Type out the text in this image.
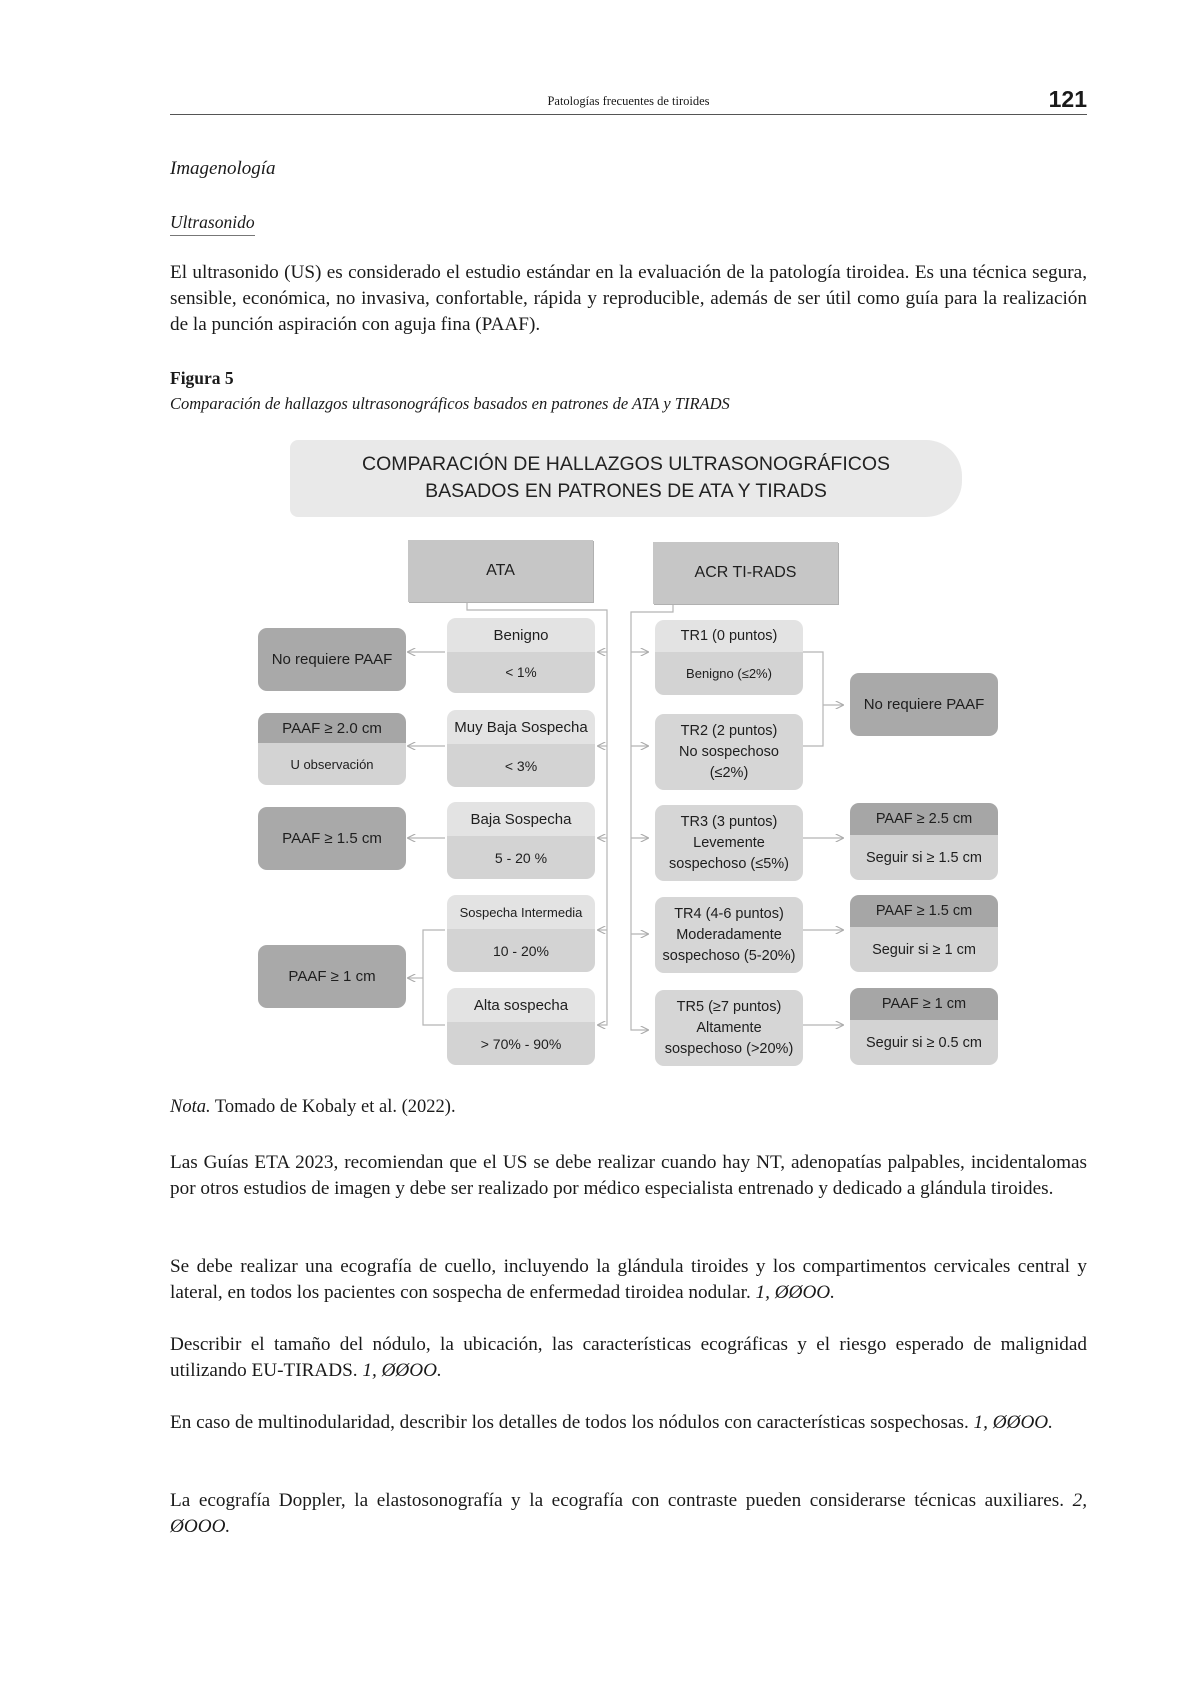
Patologías frecuentes de tiroides	121
Imagenología
Ultrasonido
El ultrasonido (US) es considerado el estudio estándar en la evaluación de la patología tiroidea. Es una técnica segura, sensible, económica, no invasiva, confortable, rápida y reproducible, además de ser útil como guía para la realización de la punción aspiración con aguja fina (PAAF).
Figura 5
Comparación de hallazgos ultrasonográficos basados en patrones de ATA y TIRADS
COMPARACIÓN DE HALLAZGOS ULTRASONOGRÁFICOS
BASADOS EN PATRONES DE ATA Y TIRADS
ATA	ACR TI-RADS
No requiere PAAF
PAAF ≥ 2.0 cm
U observación
PAAF ≥ 1.5 cm
PAAF ≥ 1 cm
Benigno
< 1%
Muy Baja Sospecha
< 3%
Baja Sospecha
5 - 20 %
Sospecha Intermedia
10 - 20%
Alta sospecha
> 70% - 90%
TR1 (0 puntos)
Benigno (≤2%)
TR2 (2 puntos)
No sospechoso
(≤2%)
TR3 (3 puntos)
Levemente
sospechoso (≤5%)
TR4 (4-6 puntos)
Moderadamente
sospechoso (5-20%)
TR5 (≥7 puntos)
Altamente
sospechoso (>20%)
No requiere PAAF
PAAF ≥ 2.5 cm
Seguir si ≥ 1.5 cm
PAAF ≥ 1.5 cm
Seguir si ≥ 1 cm
PAAF ≥ 1 cm
Seguir si ≥ 0.5 cm
Nota. Tomado de Kobaly et al. (2022).
Las Guías ETA 2023, recomiendan que el US se debe realizar cuando hay NT, adenopatías palpables, incidentalomas por otros estudios de imagen y debe ser realizado por médico especialista entrenado y dedicado a glándula tiroides.
Se debe realizar una ecografía de cuello, incluyendo la glándula tiroides y los compartimentos cervicales central y lateral, en todos los pacientes con sospecha de enfermedad tiroidea nodular. 1, ØØOO.
Describir el tamaño del nódulo, la ubicación, las características ecográficas y el riesgo esperado de malignidad utilizando EU-TIRADS. 1, ØØOO.
En caso de multinodularidad, describir los detalles de todos los nódulos con características sospechosas. 1, ØØOO.
La ecografía Doppler, la elastosonografía y la ecografía con contraste pueden considerarse técnicas auxiliares. 2, ØOOO.
